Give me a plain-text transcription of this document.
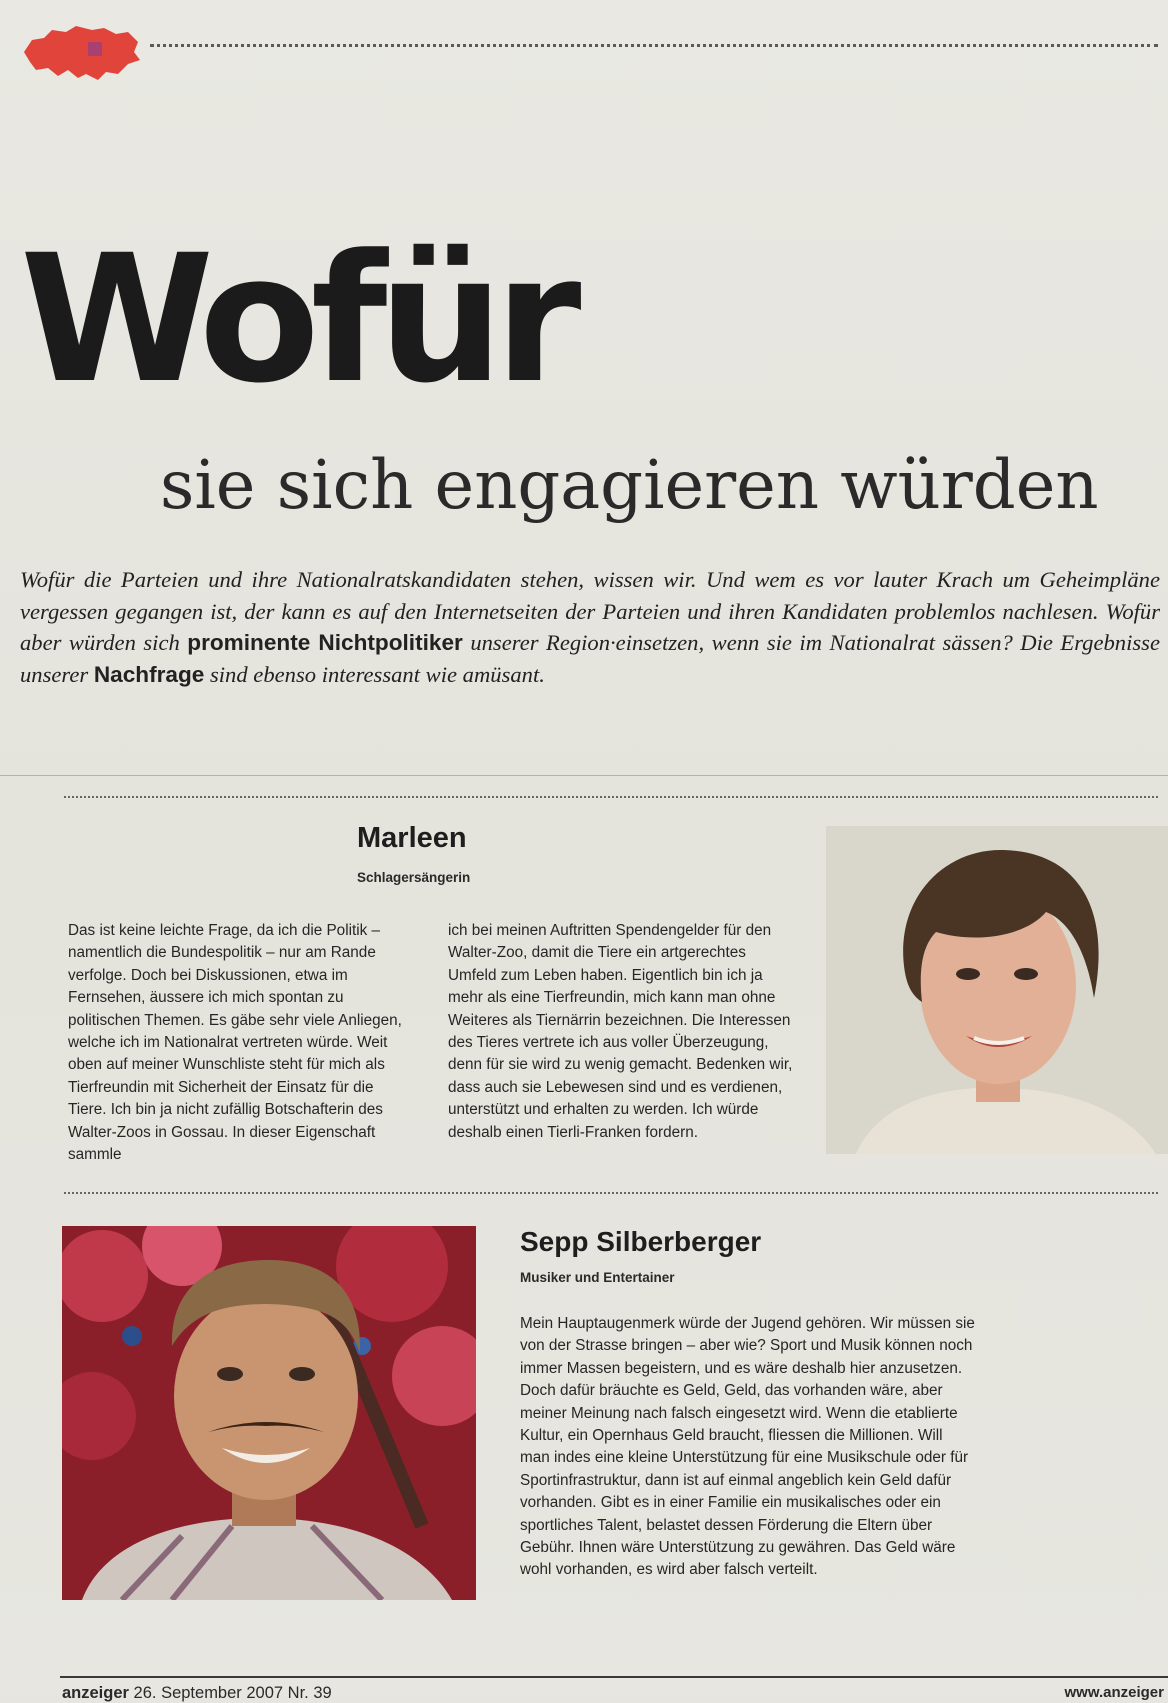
Wofür
sie sich engagieren würden

Wofür die Parteien und ihre Nationalratskandidaten stehen, wissen wir. Und wem es vor lauter Krach um Geheimpläne vergessen gegangen ist, der kann es auf den Internetseiten der Parteien und ihren Kandidaten problemlos nachlesen. Wofür aber würden sich prominente Nichtpolitiker unserer Region·einsetzen, wenn sie im Nationalrat sässen? Die Ergebnisse unserer Nachfrage sind ebenso interessant wie amüsant.

Marleen

Schlagersängerin

Das ist keine leichte Frage, da ich die Politik – namentlich die Bundespolitik – nur am Rande verfolge. Doch bei Diskussionen, etwa im Fernsehen, äussere ich mich spontan zu politischen Themen. Es gäbe sehr viele Anliegen, welche ich im Nationalrat vertreten würde. Weit oben auf meiner Wunschliste steht für mich als Tierfreundin mit Sicherheit der Einsatz für die Tiere. Ich bin ja nicht zufällig Botschafterin des Walter-Zoos in Gossau. In dieser Eigenschaft sammle

ich bei meinen Auftritten Spendengelder für den Walter-Zoo, damit die Tiere ein artgerechtes Umfeld zum Leben haben. Eigentlich bin ich ja mehr als eine Tierfreundin, mich kann man ohne Weiteres als Tiernärrin bezeichnen. Die Interessen des Tieres vertrete ich aus voller Überzeugung, denn für sie wird zu wenig gemacht. Bedenken wir, dass auch sie Lebewesen sind und es verdienen, unterstützt und erhalten zu werden. Ich würde deshalb einen Tierli-Franken fordern.

Sepp Silberberger

Musiker und Entertainer

Mein Hauptaugenmerk würde der Jugend gehören. Wir müssen sie von der Strasse bringen – aber wie? Sport und Musik können noch immer Massen begeistern, und es wäre deshalb hier anzusetzen. Doch dafür bräuchte es Geld, Geld, das vorhanden wäre, aber meiner Meinung nach falsch eingesetzt wird. Wenn die etablierte Kultur, ein Opernhaus Geld braucht, fliessen die Millionen. Will man indes eine kleine Unterstützung für eine Musikschule oder für Sportinfrastruktur, dann ist auf einmal angeblich kein Geld dafür vorhanden. Gibt es in einer Familie ein musikalisches oder ein sportliches Talent, belastet dessen Förderung die Eltern über Gebühr. Ihnen wäre Unterstützung zu gewähren. Das Geld wäre wohl vorhanden, es wird aber falsch verteilt.

anzeiger 26. September 2007 Nr. 39	www.anzeiger
